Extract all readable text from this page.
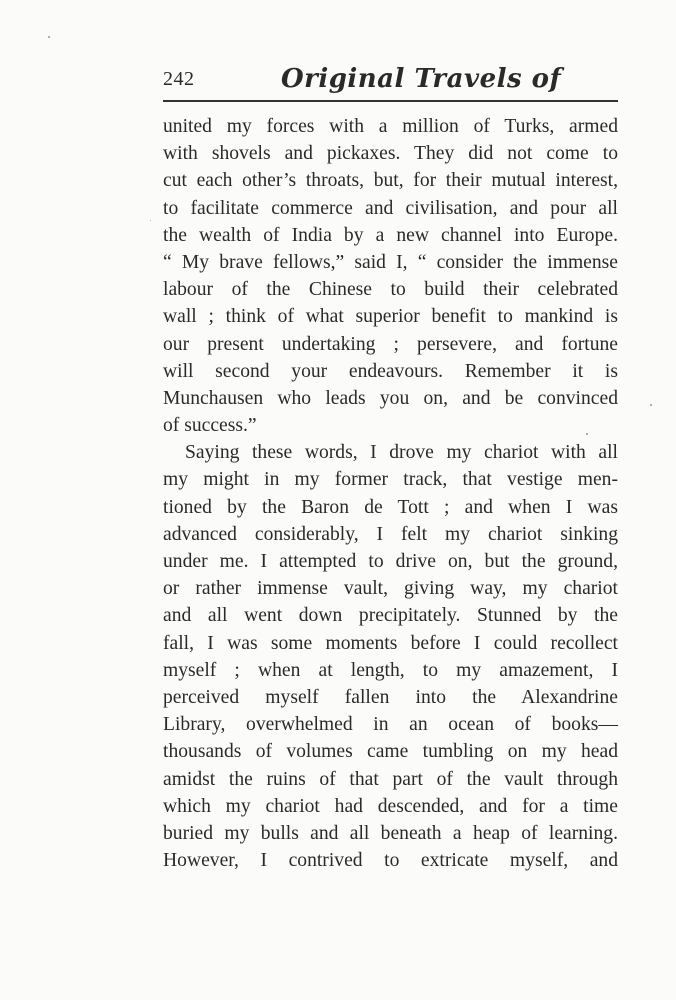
242	Original Travels of
united my forces with a million of Turks, armed
with shovels and pickaxes. They did not come to
cut each other’s throats, but, for their mutual interest,
to facilitate commerce and civilisation, and pour all
the wealth of India by a new channel into Europe.
“ My brave fellows,” said I, “ consider the immense
labour of the Chinese to build their celebrated
wall ; think of what superior benefit to mankind is
our present undertaking ; persevere, and fortune
will second your endeavours. Remember it is
Munchausen who leads you on, and be convinced
of success.”
Saying these words, I drove my chariot with all
my might in my former track, that vestige men-
tioned by the Baron de Tott ; and when I was
advanced considerably, I felt my chariot sinking
under me. I attempted to drive on, but the ground,
or rather immense vault, giving way, my chariot
and all went down precipitately. Stunned by the
fall, I was some moments before I could recollect
myself ; when at length, to my amazement, I
perceived myself fallen into the Alexandrine
Library, overwhelmed in an ocean of books—
thousands of volumes came tumbling on my head
amidst the ruins of that part of the vault through
which my chariot had descended, and for a time
buried my bulls and all beneath a heap of learning.
However, I contrived to extricate myself, and
